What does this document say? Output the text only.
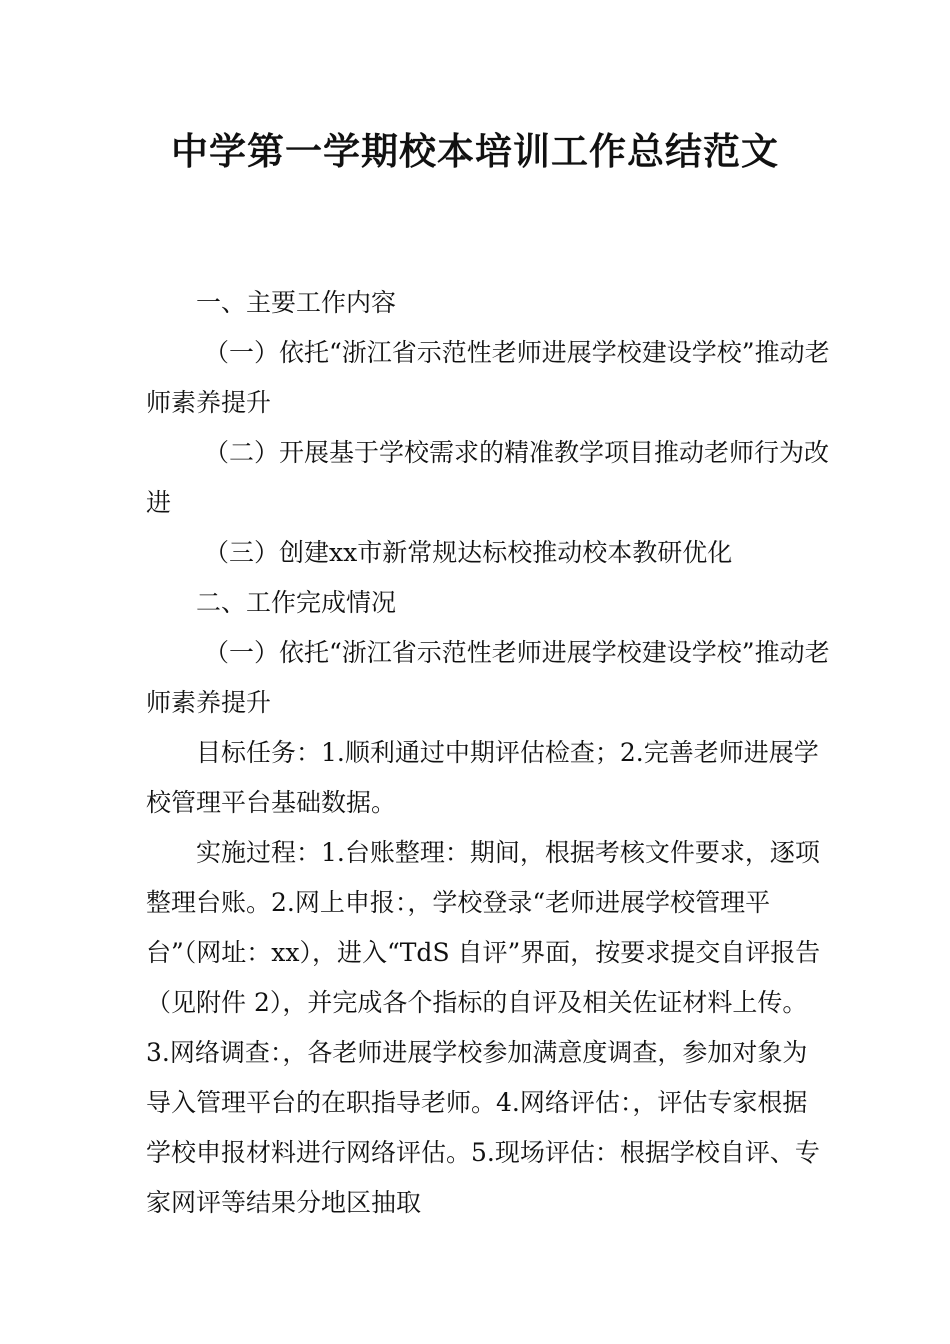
中学第一学期校本培训工作总结范文

一、主要工作内容

（一）依托“浙江省示范性老师进展学校建设学校”推动老师素养提升

（二）开展基于学校需求的精准教学项目推动老师行为改进

（三）创建xx市新常规达标校推动校本教研优化

二、工作完成情况

（一）依托“浙江省示范性老师进展学校建设学校”推动老师素养提升

目标任务：1.顺利通过中期评估检查；2.完善老师进展学校管理平台基础数据。

实施过程：1.台账整理：期间，根据考核文件要求，逐项整理台账。2.网上申报：，学校登录“老师进展学校管理平台”（网址：xx），进入“TdS 自评”界面，按要求提交自评报告（见附件 2），并完成各个指标的自评及相关佐证材料上传。3.网络调查：，各老师进展学校参加满意度调查，参加对象为导入管理平台的在职指导老师。4.网络评估：，评估专家根据学校申报材料进行网络评估。5.现场评估：根据学校自评、专家网评等结果分地区抽取
